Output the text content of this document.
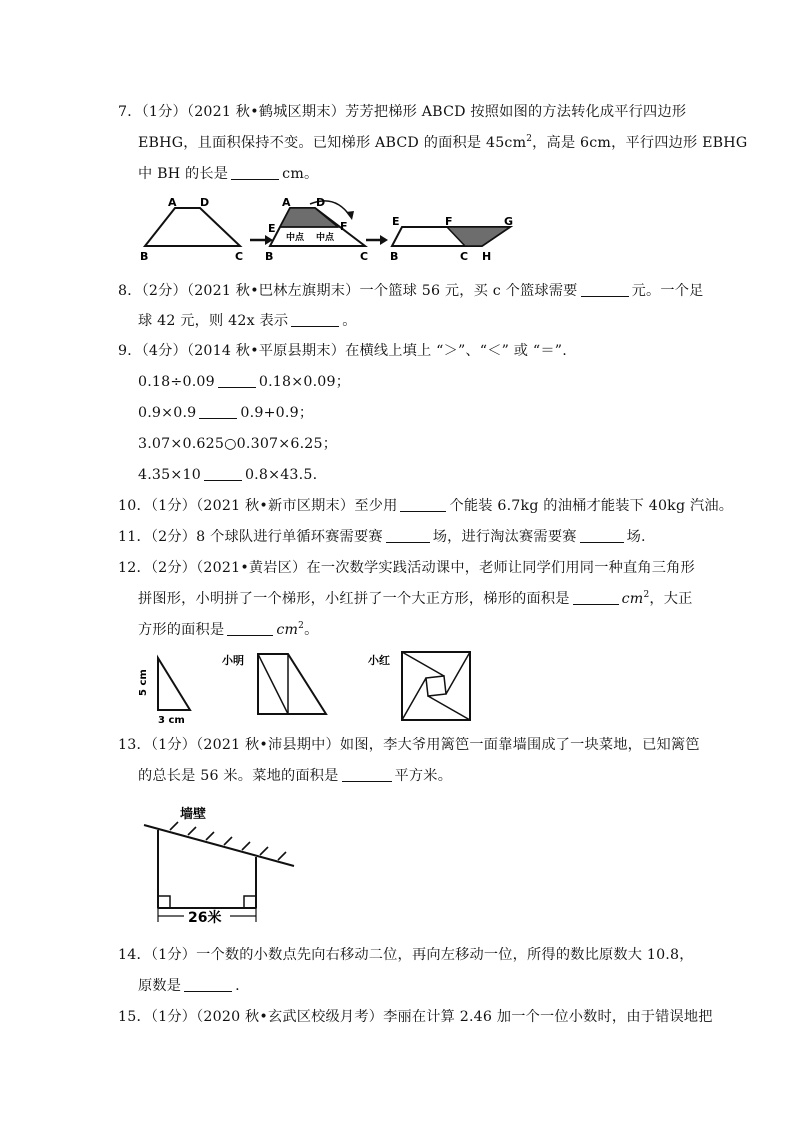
7．（1分）（2021 秋•鹤城区期末）芳芳把梯形 ABCD 按照如图的方法转化成平行四边形
EBHG，且面积保持不变。已知梯形 ABCD 的面积是 $45cm^2$，高是 6cm，平行四边形 EBHG
中 BH 的长是	cm。
A D
B	C
A D
E	F
中点 中点
B	C
E	F	G
B	C H
8．（2分）（2021 秋•巴林左旗期末）一个篮球 56 元，买 c 个篮球需要	元。一个足
球 42 元，则 42x 表示	。
9．（4分）（2014 秋•平原县期末）在横线上填上 “＞”、“＜” 或 “＝”.
0.18÷0.09	0.18×0.09；
0.9×0.9	0.9+0.9；
3.07×0.625○0.307×6.25；
4.35×10	0.8×43.5.
10．（1分）（2021 秋•新市区期末）至少用	个能装 6.7kg 的油桶才能装下 40kg 汽油。
11．（2分）8 个球队进行单循环赛需要赛	场，进行淘汰赛需要赛	场.
12．（2分）（2021•黄岩区）在一次数学实践活动课中，老师让同学们用同一种直角三角形
拼图形，小明拼了一个梯形，小红拼了一个大正方形，梯形的面积是	$cm^2$，大正
方形的面积是	$cm^2$。
5 cm
3 cm
小明	小红
13．（1分）（2021 秋•沛县期中）如图，李大爷用篱笆一面靠墙围成了一块菜地，已知篱笆
的总长是 56 米。菜地的面积是	平方米。
墙壁
26米
14．（1分）一个数的小数点先向右移动二位，再向左移动一位，所得的数比原数大 10.8，
原数是	.
15．（1分）（2020 秋•玄武区校级月考）李丽在计算 2.46 加一个一位小数时，由于错误地把
